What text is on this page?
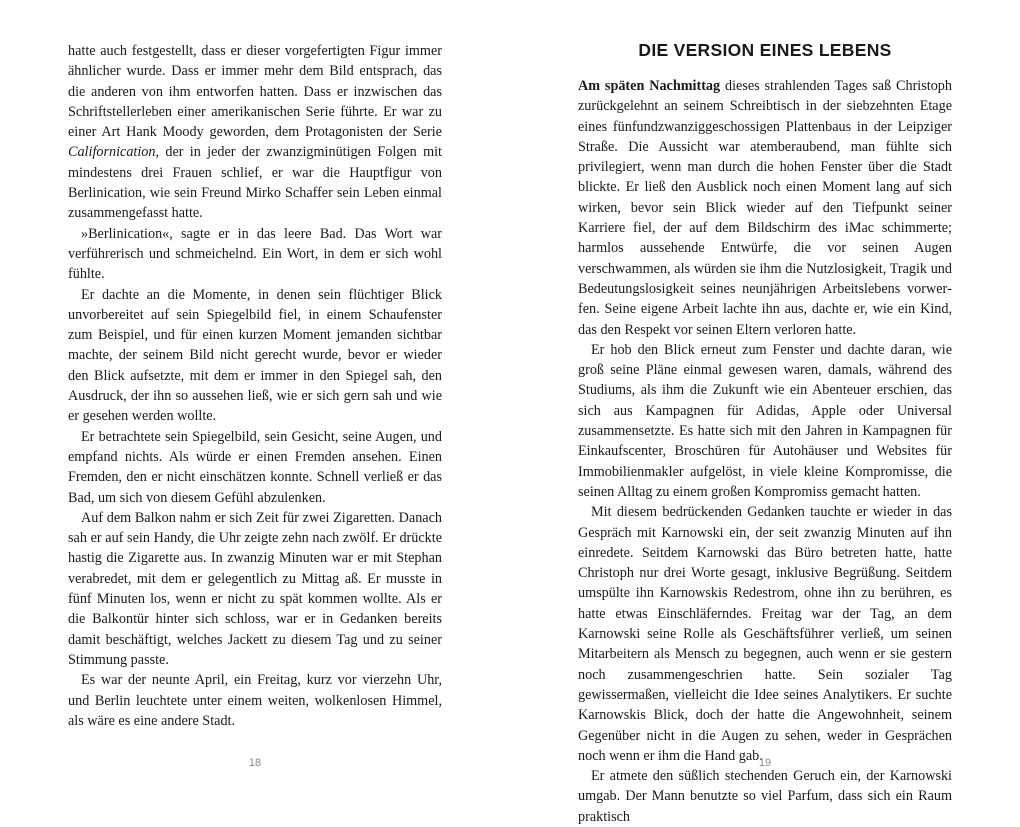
hatte auch festgestellt, dass er dieser vorgefertigten Figur immer ähnlicher wurde. Dass er immer mehr dem Bild entsprach, das die anderen von ihm entworfen hatten. Dass er inzwischen das Schriftstellerleben einer amerikanischen Serie führte. Er war zu einer Art Hank Moody geworden, dem Protagonisten der Serie Californication, der in jeder der zwanzigminütigen Folgen mit mindestens drei Frauen schlief, er war die Hauptfigur von Berlinication, wie sein Freund Mirko Schaffer sein Leben einmal zusammengefasst hatte.

»Berlinication«, sagte er in das leere Bad. Das Wort war verführerisch und schmeichelnd. Ein Wort, in dem er sich wohl fühlte.

Er dachte an die Momente, in denen sein flüchtiger Blick unvorbereitet auf sein Spiegelbild fiel, in einem Schaufenster zum Beispiel, und für einen kurzen Moment jemanden sichtbar machte, der seinem Bild nicht gerecht wurde, bevor er wieder den Blick aufsetzte, mit dem er immer in den Spiegel sah, den Ausdruck, der ihn so aussehen ließ, wie er sich gern sah und wie er gesehen werden wollte.

Er betrachtete sein Spiegelbild, sein Gesicht, seine Augen, und empfand nichts. Als würde er einen Fremden ansehen. Einen Fremden, den er nicht einschätzen konnte. Schnell verließ er das Bad, um sich von diesem Gefühl abzulenken.

Auf dem Balkon nahm er sich Zeit für zwei Zigaretten. Danach sah er auf sein Handy, die Uhr zeigte zehn nach zwölf. Er drückte hastig die Zigarette aus. In zwanzig Minuten war er mit Stephan verabredet, mit dem er gelegentlich zu Mittag aß. Er musste in fünf Minuten los, wenn er nicht zu spät kommen wollte. Als er die Balkontür hinter sich schloss, war er in Gedanken bereits damit beschäftigt, welches Jackett zu diesem Tag und zu seiner Stimmung passte.

Es war der neunte April, ein Freitag, kurz vor vierzehn Uhr, und Berlin leuchtete unter einem weiten, wolkenlosen Himmel, als wäre es eine andere Stadt.

18
DIE VERSION EINES LEBENS

Am späten Nachmittag dieses strahlenden Tages saß Christoph zurückgelehnt an seinem Schreibtisch in der siebzehnten Etage eines fünfundzwanziggeschossigen Plattenbaus in der Leipziger Straße. Die Aussicht war atemberaubend, man fühlte sich privilegiert, wenn man durch die hohen Fenster über die Stadt blickte. Er ließ den Ausblick noch einen Moment lang auf sich wirken, bevor sein Blick wieder auf den Tiefpunkt seiner Karriere fiel, der auf dem Bildschirm des iMac schimmerte; harmlos aussehende Entwürfe, die vor seinen Augen verschwammen, als würden sie ihm die Nutzlosigkeit, Tragik und Bedeutungslosigkeit seines neunjährigen Arbeitslebens vorwerfen. Seine eigene Arbeit lachte ihn aus, dachte er, wie ein Kind, das den Respekt vor seinen Eltern verloren hatte.

Er hob den Blick erneut zum Fenster und dachte daran, wie groß seine Pläne einmal gewesen waren, damals, während des Studiums, als ihm die Zukunft wie ein Abenteuer erschien, das sich aus Kampagnen für Adidas, Apple oder Universal zusammensetzte. Es hatte sich mit den Jahren in Kampagnen für Einkaufscenter, Broschüren für Autohäuser und Websites für Immobilienmakler aufgelöst, in viele kleine Kompromisse, die seinen Alltag zu einem großen Kompromiss gemacht hatten.

Mit diesem bedrückenden Gedanken tauchte er wieder in das Gespräch mit Karnowski ein, der seit zwanzig Minuten auf ihn einredete. Seitdem Karnowski das Büro betreten hatte, hatte Christoph nur drei Worte gesagt, inklusive Begrüßung. Seitdem umspülte ihn Karnowskis Redestrom, ohne ihn zu berühren, es hatte etwas Einschläferndes. Freitag war der Tag, an dem Karnowski seine Rolle als Geschäftsführer verließ, um seinen Mitarbeitern als Mensch zu begegnen, auch wenn er sie gestern noch zusammengeschrien hatte. Sein sozialer Tag gewissermaßen, vielleicht die Idee seines Analytikers. Er suchte Karnowskis Blick, doch der hatte die Angewohnheit, seinem Gegenüber nicht in die Augen zu sehen, weder in Gesprächen noch wenn er ihm die Hand gab.

Er atmete den süßlich stechenden Geruch ein, der Karnowski umgab. Der Mann benutzte so viel Parfum, dass sich ein Raum praktisch

19
